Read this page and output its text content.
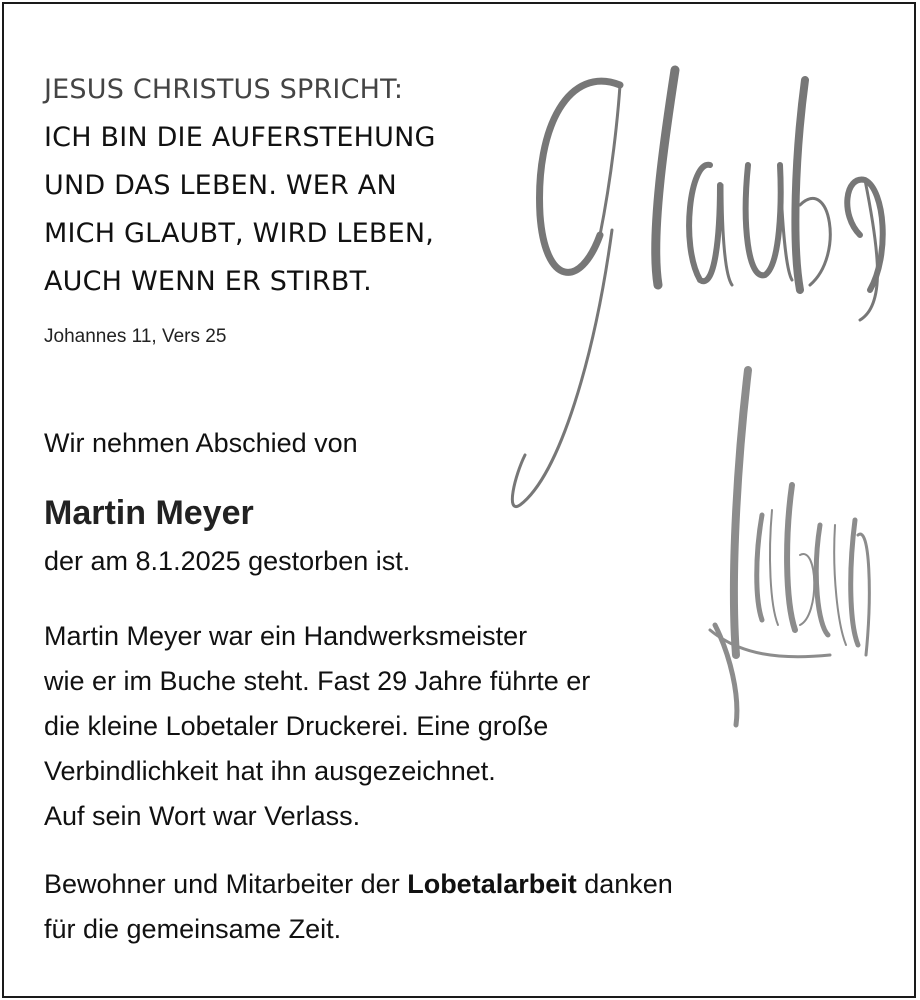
JESUS CHRISTUS SPRICHT:
ICH BIN DIE AUFERSTEHUNG
UND DAS LEBEN. WER AN
MICH GLAUBT, WIRD LEBEN,
AUCH WENN ER STIRBT.

Johannes 11, Vers 25

Wir nehmen Abschied von

Martin Meyer

der am 8.1.2025 gestorben ist.

Martin Meyer war ein Handwerksmeister
wie er im Buche steht. Fast 29 Jahre führte er
die kleine Lobetaler Druckerei. Eine große
Verbindlichkeit hat ihn ausgezeichnet.
Auf sein Wort war Verlass.
Bewohner und Mitarbeiter der Lobetalarbeit danken
für die gemeinsame Zeit.
